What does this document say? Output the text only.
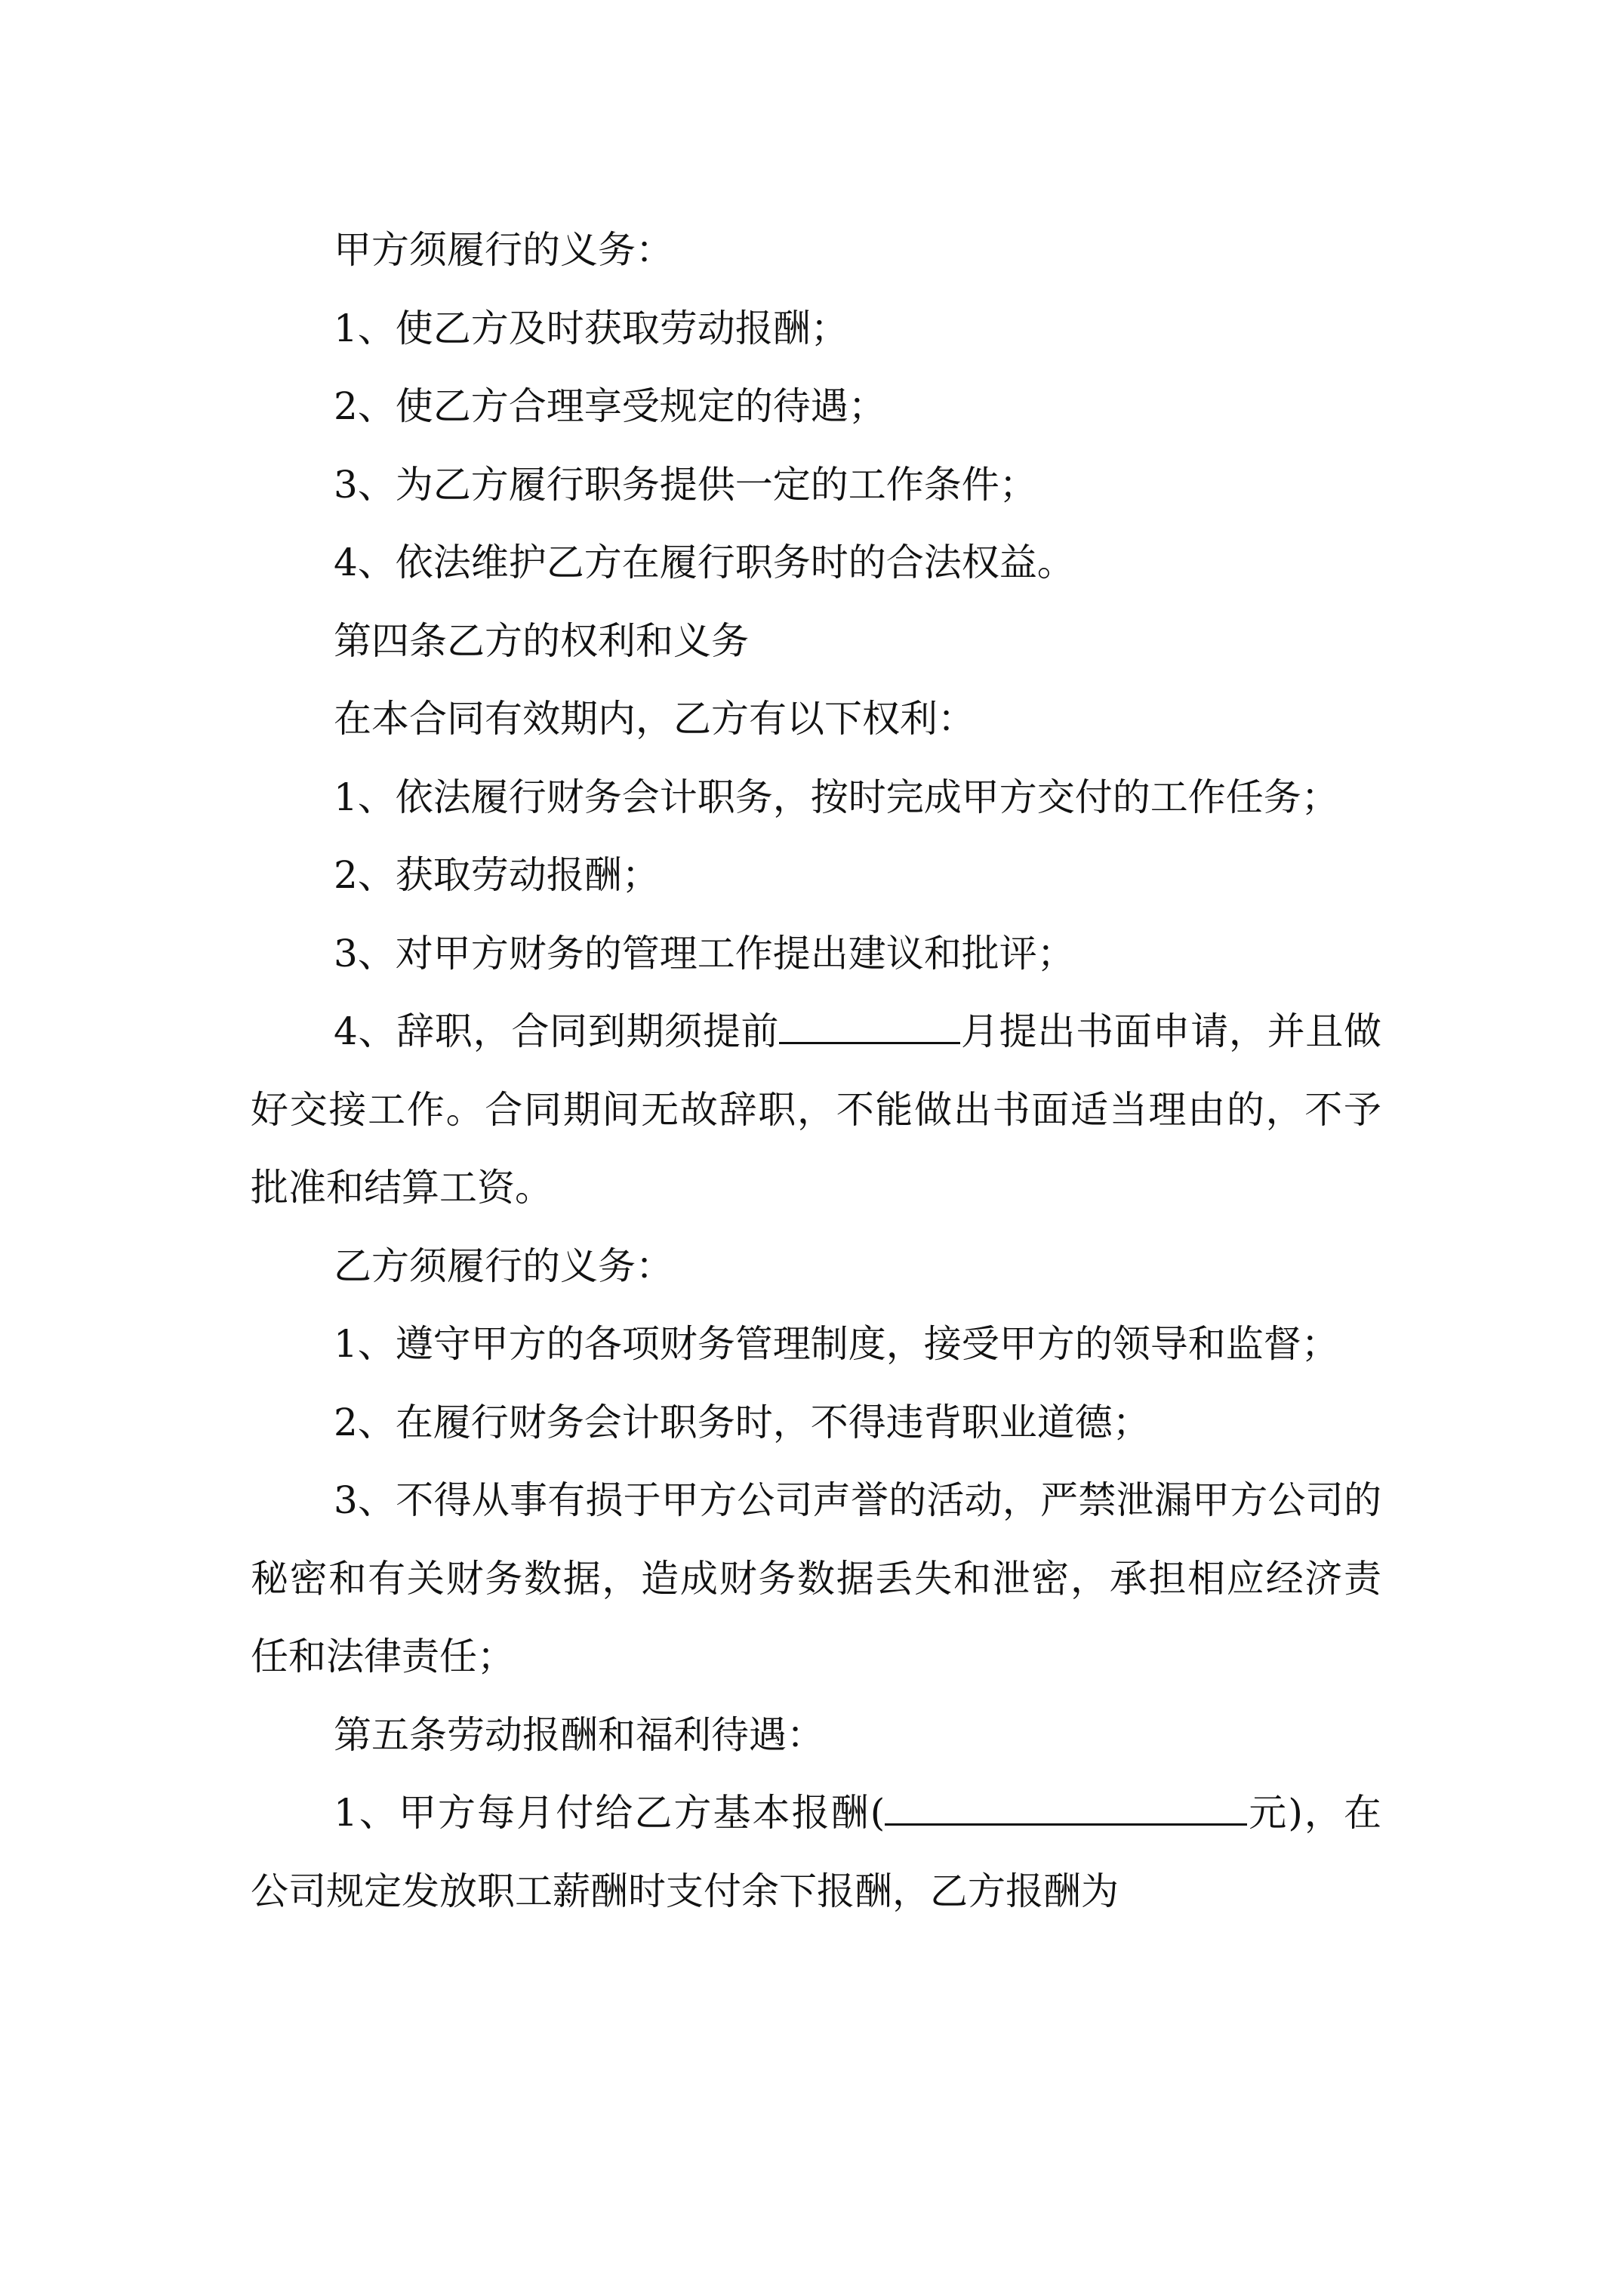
甲方须履行的义务：

1、使乙方及时获取劳动报酬；

2、使乙方合理享受规定的待遇；

3、为乙方履行职务提供一定的工作条件；

4、依法维护乙方在履行职务时的合法权益。

第四条乙方的权利和义务

在本合同有效期内，乙方有以下权利：

1、依法履行财务会计职务，按时完成甲方交付的工作任务；

2、获取劳动报酬；

3、对甲方财务的管理工作提出建议和批评；

4、辞职，合同到期须提前	月提出书面申请，并且做好交接工作。合同期间无故辞职，不能做出书面适当理由的，不予批准和结算工资。

乙方须履行的义务：

1、遵守甲方的各项财务管理制度，接受甲方的领导和监督；

2、在履行财务会计职务时，不得违背职业道德；

3、不得从事有损于甲方公司声誉的活动，严禁泄漏甲方公司的秘密和有关财务数据，造成财务数据丢失和泄密，承担相应经济责任和法律责任；

第五条劳动报酬和福利待遇：

1、甲方每月付给乙方基本报酬(	元)，在公司规定发放职工薪酬时支付余下报酬，乙方报酬为
